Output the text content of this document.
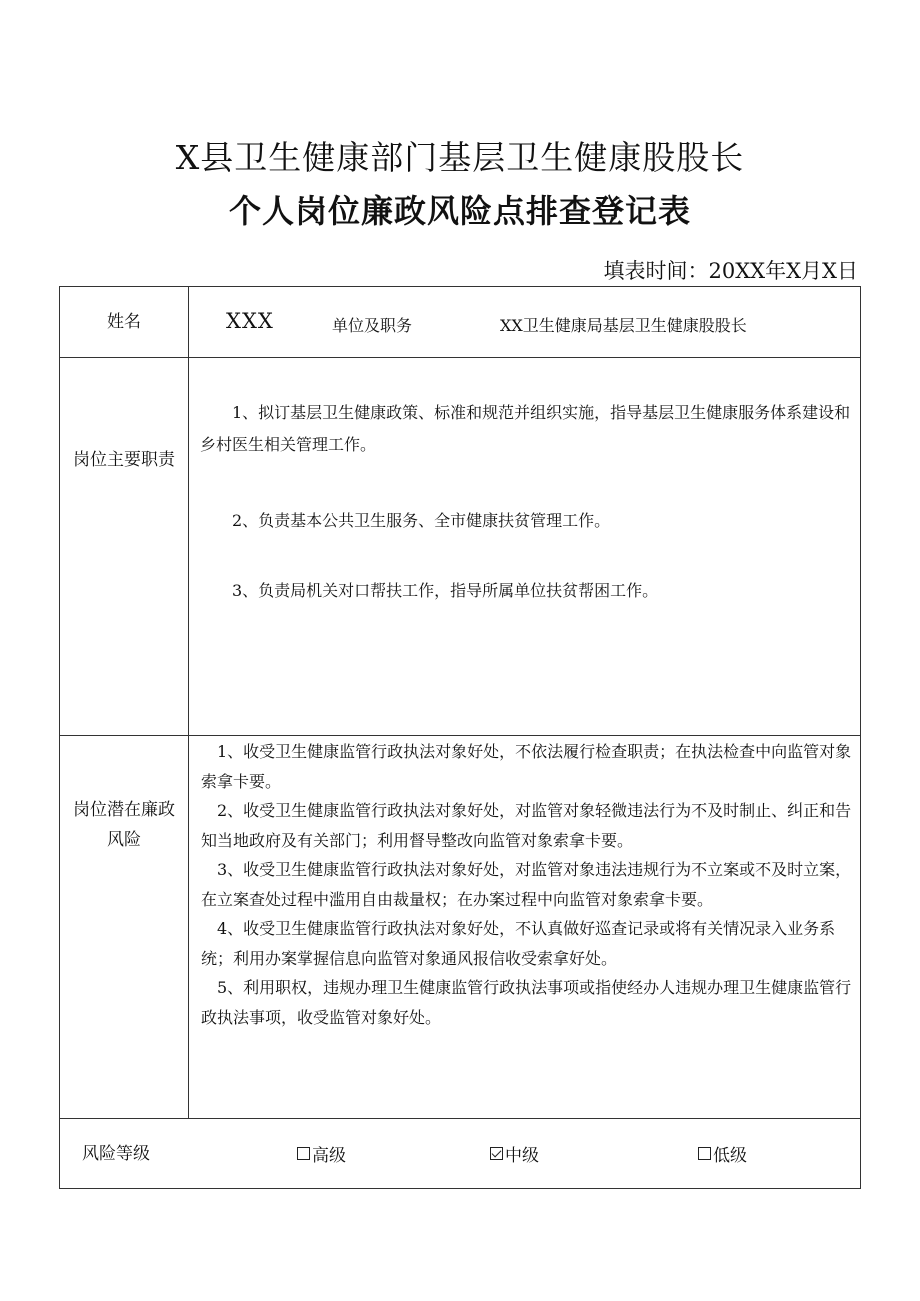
X县卫生健康部门基层卫生健康股股长
个人岗位廉政风险点排查登记表
填表时间：20XX年X月X日
姓名	XXX	单位及职务	XX卫生健康局基层卫生健康股股长
岗位主要职责
1、拟订基层卫生健康政策、标准和规范并组织实施，指导基层卫生健康服务体系建设和乡村医生相关管理工作。
2、负责基本公共卫生服务、全市健康扶贫管理工作。
3、负责局机关对口帮扶工作，指导所属单位扶贫帮困工作。
岗位潜在廉政
风险

1、收受卫生健康监管行政执法对象好处，不依法履行检查职责；在执法检查中向监管对象索拿卡要。

2、收受卫生健康监管行政执法对象好处，对监管对象轻微违法行为不及时制止、纠正和告知当地政府及有关部门；利用督导整改向监管对象索拿卡要。

3、收受卫生健康监管行政执法对象好处，对监管对象违法违规行为不立案或不及时立案，在立案查处过程中滥用自由裁量权；在办案过程中向监管对象索拿卡要。

4、收受卫生健康监管行政执法对象好处，不认真做好巡查记录或将有关情况录入业务系统；利用办案掌握信息向监管对象通风报信收受索拿好处。

5、利用职权，违规办理卫生健康监管行政执法事项或指使经办人违规办理卫生健康监管行政执法事项，收受监管对象好处。

风险等级	高级	中级	低级
